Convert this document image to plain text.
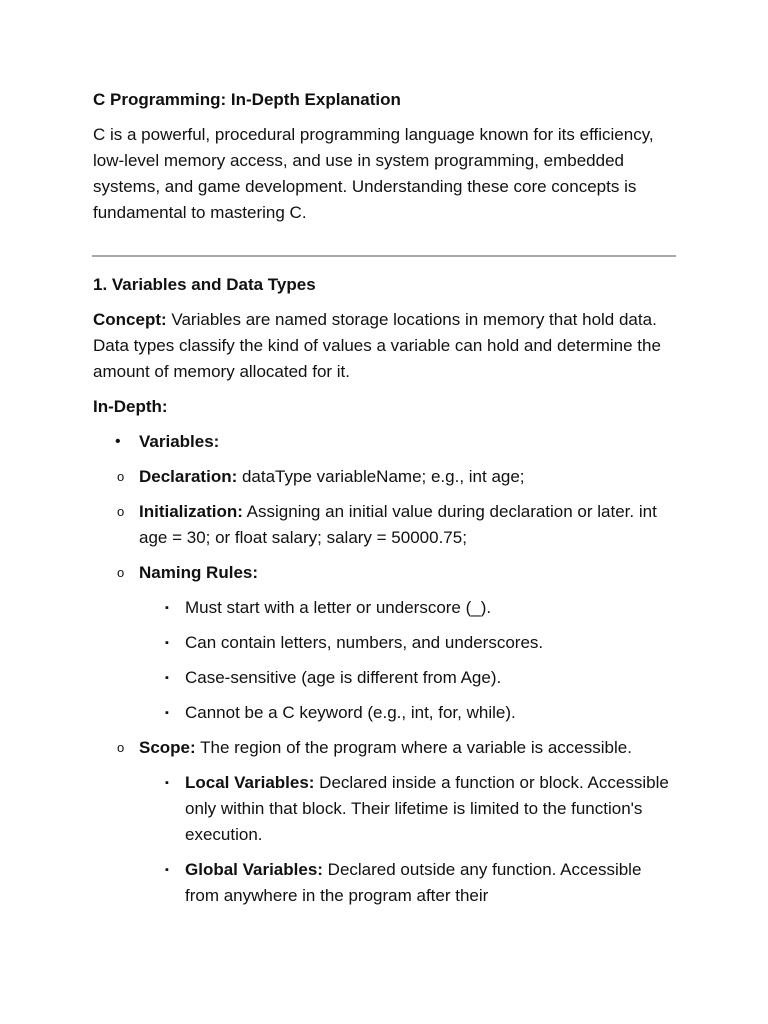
C Programming: In-Depth Explanation

C is a powerful, procedural programming language known for its efficiency, low-level memory access, and use in system programming, embedded systems, and game development. Understanding these core concepts is fundamental to mastering C.

1. Variables and Data Types

Concept: Variables are named storage locations in memory that hold data. Data types classify the kind of values a variable can hold and determine the amount of memory allocated for it.

In-Depth:

• Variables:
o Declaration: dataType variableName; e.g., int age;
o Initialization: Assigning an initial value during declaration or later. int age = 30; or float salary; salary = 50000.75;
o Naming Rules:
▪ Must start with a letter or underscore (_).
▪ Can contain letters, numbers, and underscores.
▪ Case-sensitive (age is different from Age).
▪ Cannot be a C keyword (e.g., int, for, while).
o Scope: The region of the program where a variable is accessible.
▪ Local Variables: Declared inside a function or block. Accessible only within that block. Their lifetime is limited to the function's execution.
▪ Global Variables: Declared outside any function. Accessible from anywhere in the program after their
